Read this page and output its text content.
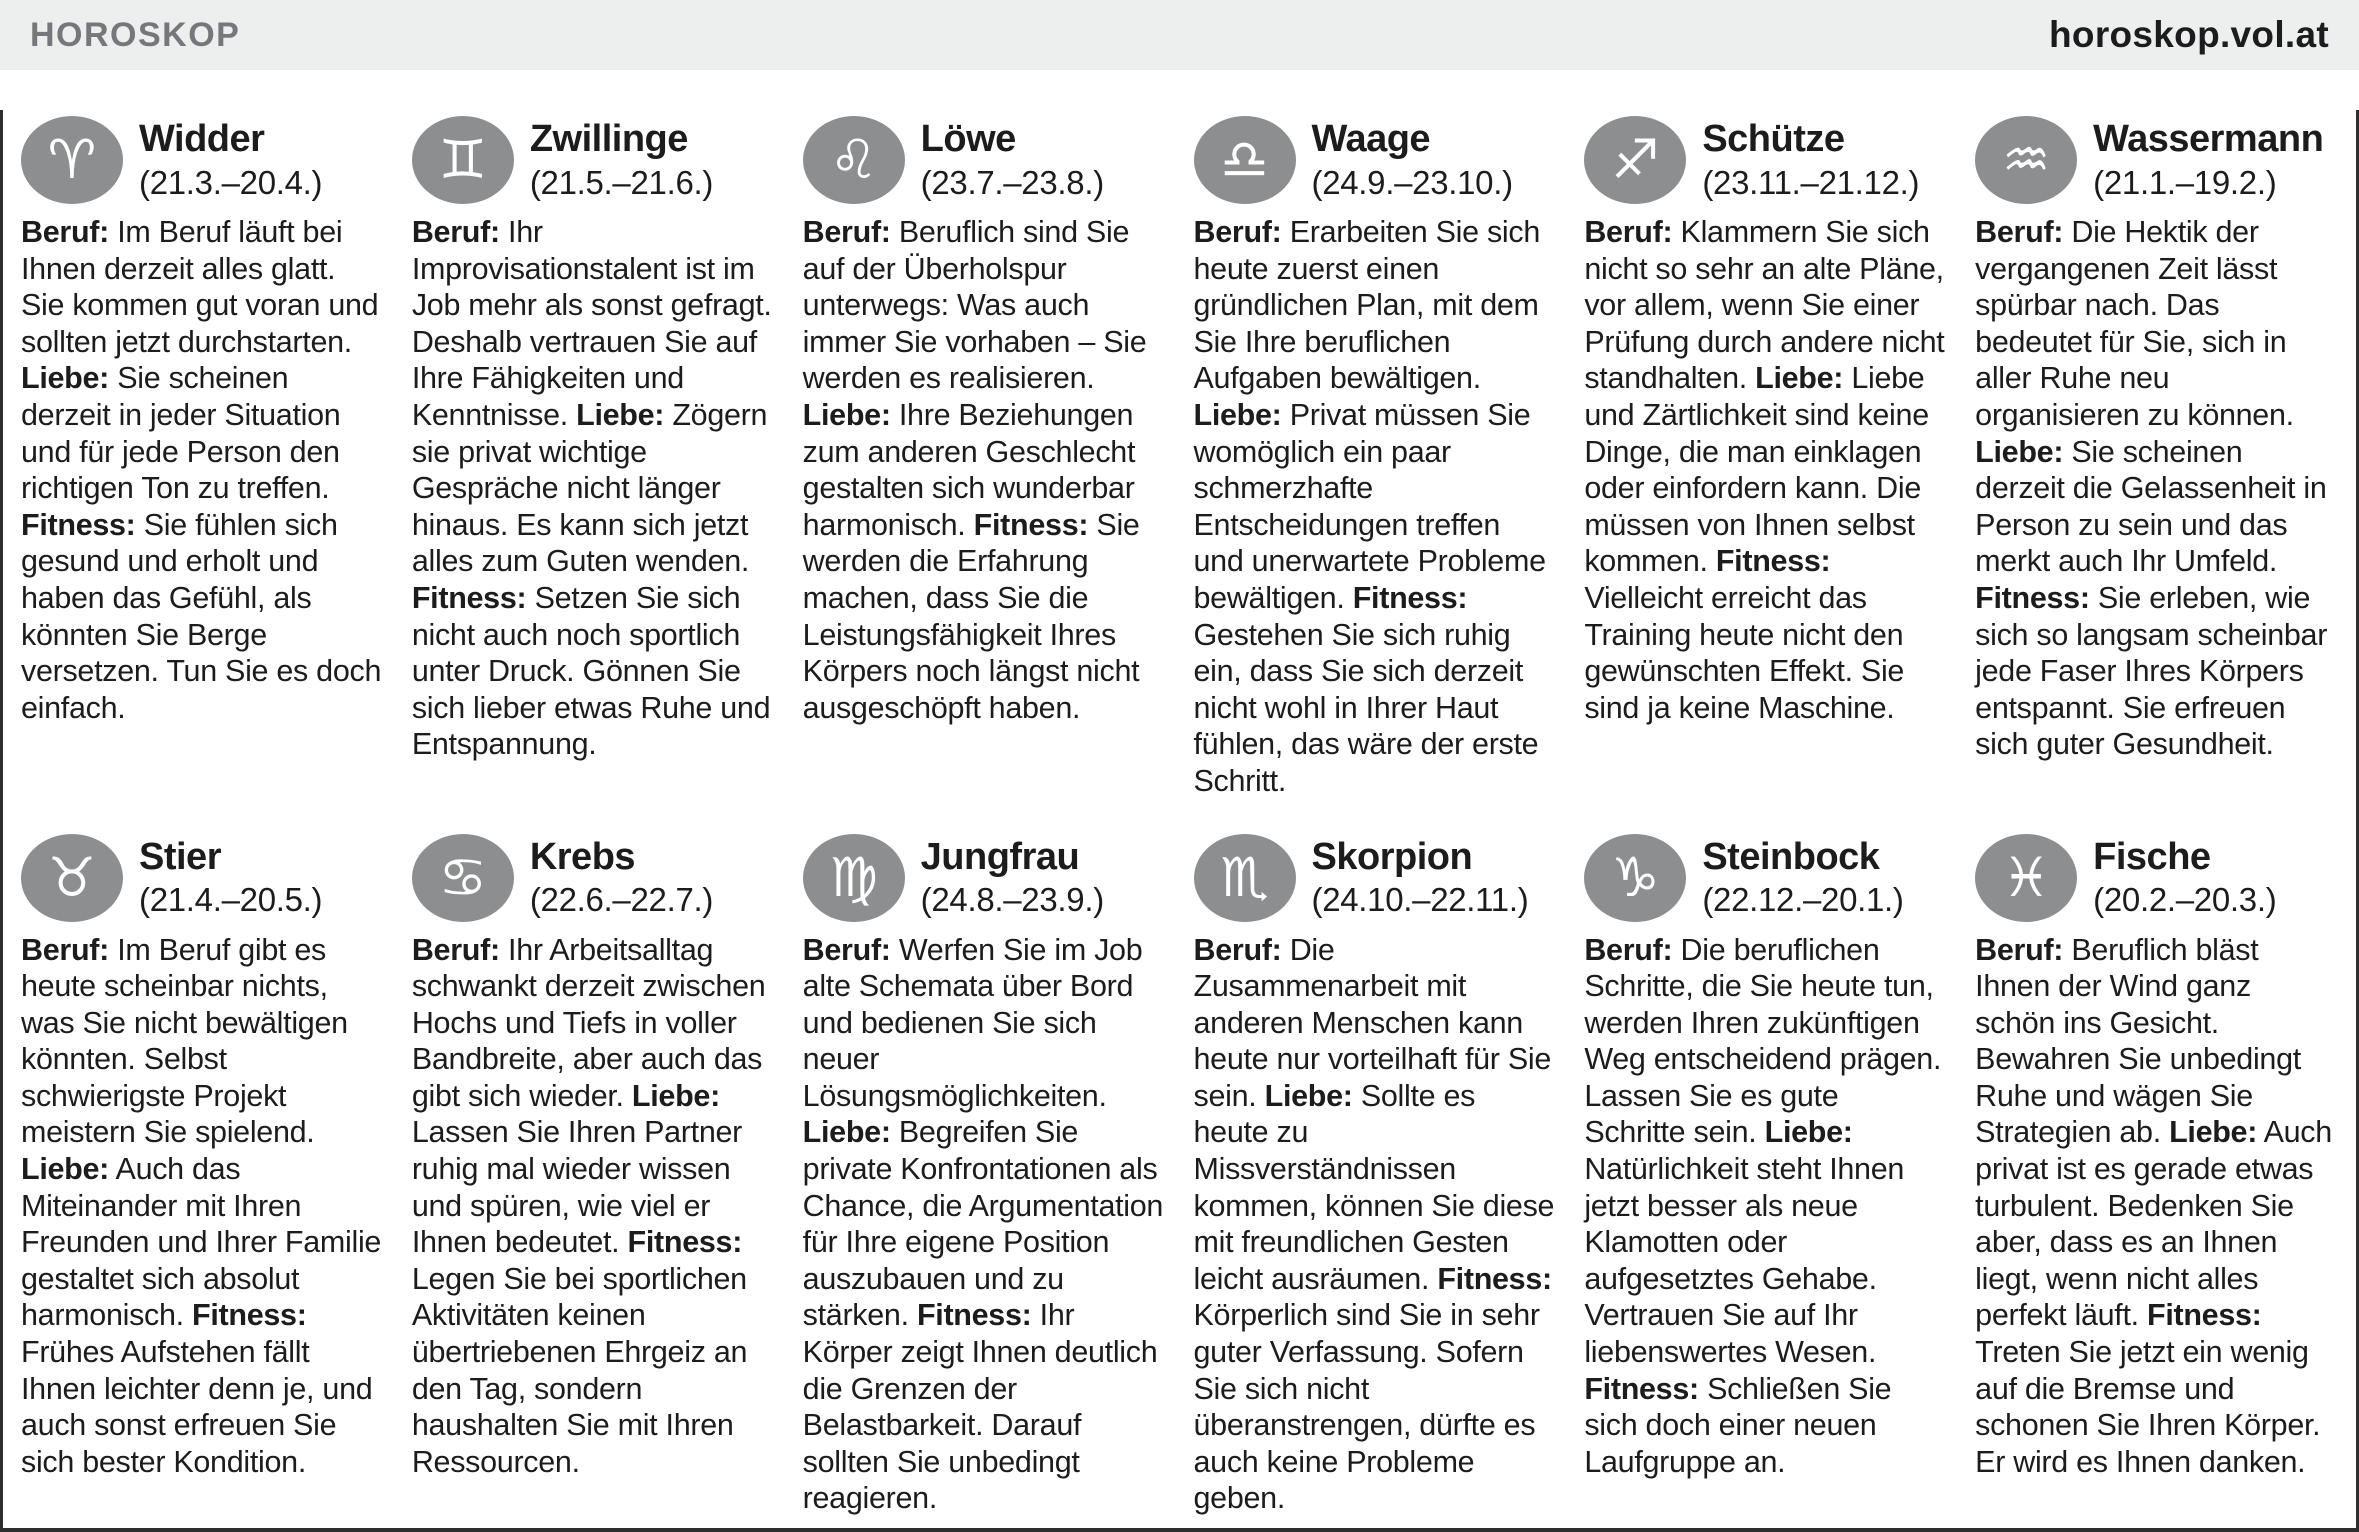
HOROSKOP	horoskop.vol.at
♈	Widder
(21.3.–20.4.)

Beruf: Im Beruf läuft bei Ihnen derzeit alles glatt. Sie kommen gut voran und sollten jetzt durchstarten. Liebe: Sie scheinen derzeit in jeder Situation und für jede Person den richtigen Ton zu treffen. Fitness: Sie fühlen sich gesund und erholt und haben das Gefühl, als könnten Sie Berge versetzen. Tun Sie es doch einfach.

♊	Zwillinge
(21.5.–21.6.)

Beruf: Ihr Improvisationstalent ist im Job mehr als sonst gefragt. Deshalb vertrauen Sie auf Ihre Fähigkeiten und Kenntnisse. Liebe: Zögern sie privat wichtige Gespräche nicht länger hinaus. Es kann sich jetzt alles zum Guten wenden. Fitness: Setzen Sie sich nicht auch noch sportlich unter Druck. Gönnen Sie sich lieber etwas Ruhe und Entspannung.

♌	Löwe
(23.7.–23.8.)

Beruf: Beruflich sind Sie auf der Überholspur unterwegs: Was auch immer Sie vorhaben – Sie werden es realisieren. Liebe: Ihre Beziehungen zum anderen Geschlecht gestalten sich wunderbar harmonisch. Fitness: Sie werden die Erfahrung machen, dass Sie die Leistungsfähigkeit Ihres Körpers noch längst nicht ausgeschöpft haben.

♎	Waage
(24.9.–23.10.)

Beruf: Erarbeiten Sie sich heute zuerst einen gründlichen Plan, mit dem Sie Ihre beruflichen Aufgaben bewältigen. Liebe: Privat müssen Sie womöglich ein paar schmerzhafte Entscheidungen treffen und unerwartete Probleme bewältigen. Fitness: Gestehen Sie sich ruhig ein, dass Sie sich derzeit nicht wohl in Ihrer Haut fühlen, das wäre der erste Schritt.

♐	Schütze
(23.11.–21.12.)

Beruf: Klammern Sie sich nicht so sehr an alte Pläne, vor allem, wenn Sie einer Prüfung durch andere nicht standhalten. Liebe: Liebe und Zärtlichkeit sind keine Dinge, die man einklagen oder einfordern kann. Die müssen von Ihnen selbst kommen. Fitness: Vielleicht erreicht das Training heute nicht den gewünschten Effekt. Sie sind ja keine Maschine.

♒	Wassermann
(21.1.–19.2.)

Beruf: Die Hektik der vergangenen Zeit lässt spürbar nach. Das bedeutet für Sie, sich in aller Ruhe neu organisieren zu können. Liebe: Sie scheinen derzeit die Gelassenheit in Person zu sein und das merkt auch Ihr Umfeld. Fitness: Sie erleben, wie sich so langsam scheinbar jede Faser Ihres Körpers entspannt. Sie erfreuen sich guter Gesundheit.

♉	Stier
(21.4.–20.5.)

Beruf: Im Beruf gibt es heute scheinbar nichts, was Sie nicht bewältigen könnten. Selbst schwierigste Projekt meistern Sie spielend. Liebe: Auch das Miteinander mit Ihren Freunden und Ihrer Familie gestaltet sich absolut harmonisch. Fitness: Frühes Aufstehen fällt Ihnen leichter denn je, und auch sonst erfreuen Sie sich bester Kondition.

♋	Krebs
(22.6.–22.7.)

Beruf: Ihr Arbeitsalltag schwankt derzeit zwischen Hochs und Tiefs in voller Bandbreite, aber auch das gibt sich wieder. Liebe: Lassen Sie Ihren Partner ruhig mal wieder wissen und spüren, wie viel er Ihnen bedeutet. Fitness: Legen Sie bei sportlichen Aktivitäten keinen übertriebenen Ehrgeiz an den Tag, sondern haushalten Sie mit Ihren Ressourcen.

♍	Jungfrau
(24.8.–23.9.)

Beruf: Werfen Sie im Job alte Schemata über Bord und bedienen Sie sich neuer Lösungsmöglichkeiten. Liebe: Begreifen Sie private Konfrontationen als Chance, die Argumentation für Ihre eigene Position auszubauen und zu stärken. Fitness: Ihr Körper zeigt Ihnen deutlich die Grenzen der Belastbarkeit. Darauf sollten Sie unbedingt reagieren.

♏	Skorpion
(24.10.–22.11.)

Beruf: Die Zusammenarbeit mit anderen Menschen kann heute nur vorteilhaft für Sie sein. Liebe: Sollte es heute zu Missverständnissen kommen, können Sie diese mit freundlichen Gesten leicht ausräumen. Fitness: Körperlich sind Sie in sehr guter Verfassung. Sofern Sie sich nicht überanstrengen, dürfte es auch keine Probleme geben.

♑	Steinbock
(22.12.–20.1.)

Beruf: Die beruflichen Schritte, die Sie heute tun, werden Ihren zukünftigen Weg entscheidend prägen. Lassen Sie es gute Schritte sein. Liebe: Natürlichkeit steht Ihnen jetzt besser als neue Klamotten oder aufgesetztes Gehabe. Vertrauen Sie auf Ihr liebenswertes Wesen. Fitness: Schließen Sie sich doch einer neuen Laufgruppe an.

♓	Fische
(20.2.–20.3.)

Beruf: Beruflich bläst Ihnen der Wind ganz schön ins Gesicht. Bewahren Sie unbedingt Ruhe und wägen Sie Strategien ab. Liebe: Auch privat ist es gerade etwas turbulent. Bedenken Sie aber, dass es an Ihnen liegt, wenn nicht alles perfekt läuft. Fitness: Treten Sie jetzt ein wenig auf die Bremse und schonen Sie Ihren Körper. Er wird es Ihnen danken.
